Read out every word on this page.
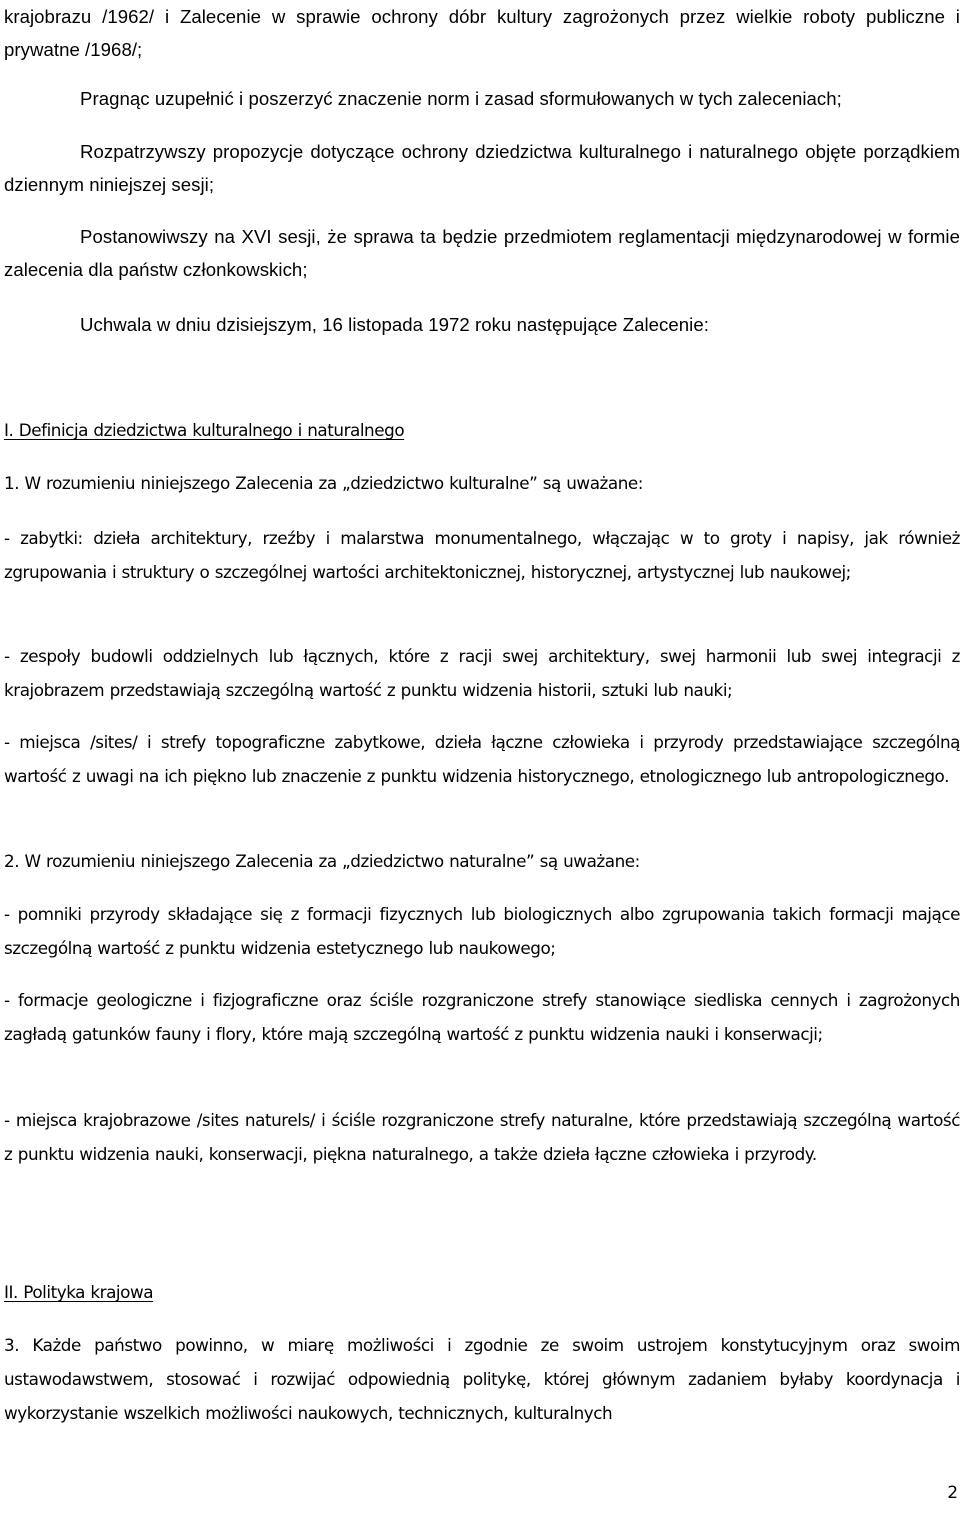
krajobrazu /1962/ i Zalecenie w sprawie ochrony dóbr kultury zagrożonych przez wielkie roboty publiczne i prywatne /1968/;

Pragnąc uzupełnić i poszerzyć znaczenie norm i zasad sformułowanych w tych zaleceniach;

Rozpatrzywszy propozycje dotyczące ochrony dziedzictwa kulturalnego i naturalnego objęte porządkiem dziennym niniejszej sesji;

Postanowiwszy na XVI sesji, że sprawa ta będzie przedmiotem reglamentacji międzynarodowej w formie zalecenia dla państw członkowskich;

Uchwala w dniu dzisiejszym, 16 listopada 1972 roku następujące Zalecenie:

I. Definicja dziedzictwa kulturalnego i naturalnego

1. W rozumieniu niniejszego Zalecenia za „dziedzictwo kulturalne” są uważane:

- zabytki: dzieła architektury, rzeźby i malarstwa monumentalnego, włączając w to groty i napisy, jak również zgrupowania i struktury o szczególnej wartości architektonicznej, historycznej, artystycznej lub naukowej;

- zespoły budowli oddzielnych lub łącznych, które z racji swej architektury, swej harmonii lub swej integracji z krajobrazem przedstawiają szczególną wartość z punktu widzenia historii, sztuki lub nauki;

- miejsca /sites/ i strefy topograficzne zabytkowe, dzieła łączne człowieka i przyrody przedstawiające szczególną wartość z uwagi na ich piękno lub znaczenie z punktu widzenia historycznego, etnologicznego lub antropologicznego.

2. W rozumieniu niniejszego Zalecenia za „dziedzictwo naturalne” są uważane:

- pomniki przyrody składające się z formacji fizycznych lub biologicznych albo zgrupowania takich formacji mające szczególną wartość z punktu widzenia estetycznego lub naukowego;

- formacje geologiczne i fizjograficzne oraz ściśle rozgraniczone strefy stanowiące siedliska cennych i zagrożonych zagładą gatunków fauny i flory, które mają szczególną wartość z punktu widzenia nauki i konserwacji;

- miejsca krajobrazowe /sites naturels/ i ściśle rozgraniczone strefy naturalne, które przedstawiają szczególną wartość z punktu widzenia nauki, konserwacji, piękna naturalnego, a także dzieła łączne człowieka i przyrody.

II. Polityka krajowa

3. Każde państwo powinno, w miarę możliwości i zgodnie ze swoim ustrojem konstytucyjnym oraz swoim ustawodawstwem, stosować i rozwijać odpowiednią politykę, której głównym zadaniem byłaby koordynacja i wykorzystanie wszelkich możliwości naukowych, technicznych, kulturalnych

2
